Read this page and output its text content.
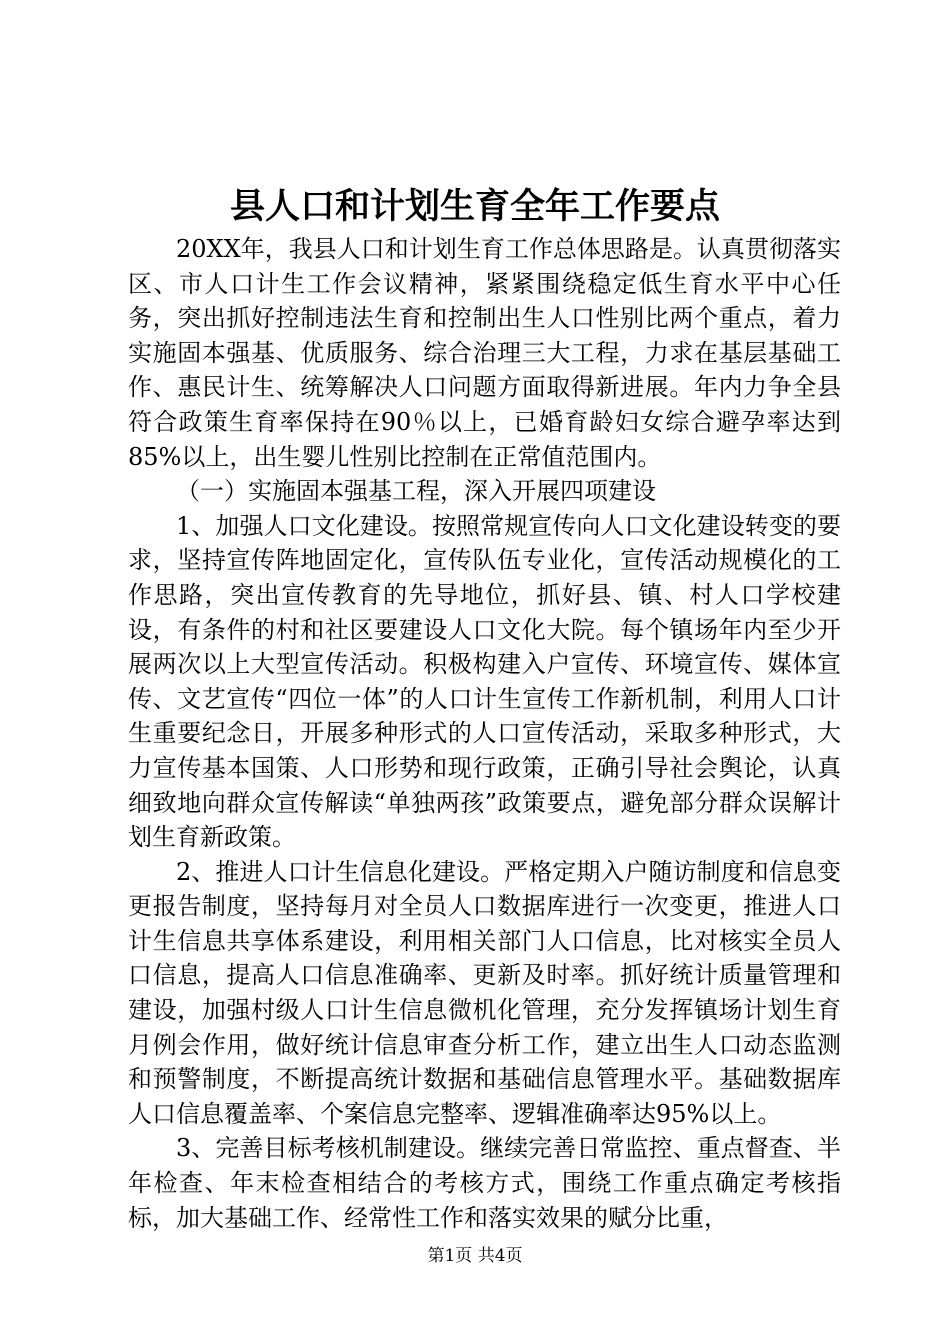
县人口和计划生育全年工作要点

20XX年，我县人口和计划生育工作总体思路是。认真贯彻落实区、市人口计生工作会议精神，紧紧围绕稳定低生育水平中心任务，突出抓好控制违法生育和控制出生人口性别比两个重点，着力实施固本强基、优质服务、综合治理三大工程，力求在基层基础工作、惠民计生、统筹解决人口问题方面取得新进展。年内力争全县符合政策生育率保持在90％以上，已婚育龄妇女综合避孕率达到85%以上，出生婴儿性别比控制在正常值范围内。

（一）实施固本强基工程，深入开展四项建设

1、加强人口文化建设。按照常规宣传向人口文化建设转变的要求，坚持宣传阵地固定化，宣传队伍专业化，宣传活动规模化的工作思路，突出宣传教育的先导地位，抓好县、镇、村人口学校建设，有条件的村和社区要建设人口文化大院。每个镇场年内至少开展两次以上大型宣传活动。积极构建入户宣传、环境宣传、媒体宣传、文艺宣传“四位一体”的人口计生宣传工作新机制，利用人口计生重要纪念日，开展多种形式的人口宣传活动，采取多种形式，大力宣传基本国策、人口形势和现行政策，正确引导社会舆论，认真细致地向群众宣传解读“单独两孩”政策要点，避免部分群众误解计划生育新政策。

2、推进人口计生信息化建设。严格定期入户随访制度和信息变更报告制度，坚持每月对全员人口数据库进行一次变更，推进人口计生信息共享体系建设，利用相关部门人口信息，比对核实全员人口信息，提高人口信息准确率、更新及时率。抓好统计质量管理和建设，加强村级人口计生信息微机化管理，充分发挥镇场计划生育月例会作用，做好统计信息审查分析工作，建立出生人口动态监测和预警制度，不断提高统计数据和基础信息管理水平。基础数据库人口信息覆盖率、个案信息完整率、逻辑准确率达95%以上。

3、完善目标考核机制建设。继续完善日常监控、重点督查、半年检查、年末检查相结合的考核方式，围绕工作重点确定考核指标，加大基础工作、经常性工作和落实效果的赋分比重，

第1页 共4页
